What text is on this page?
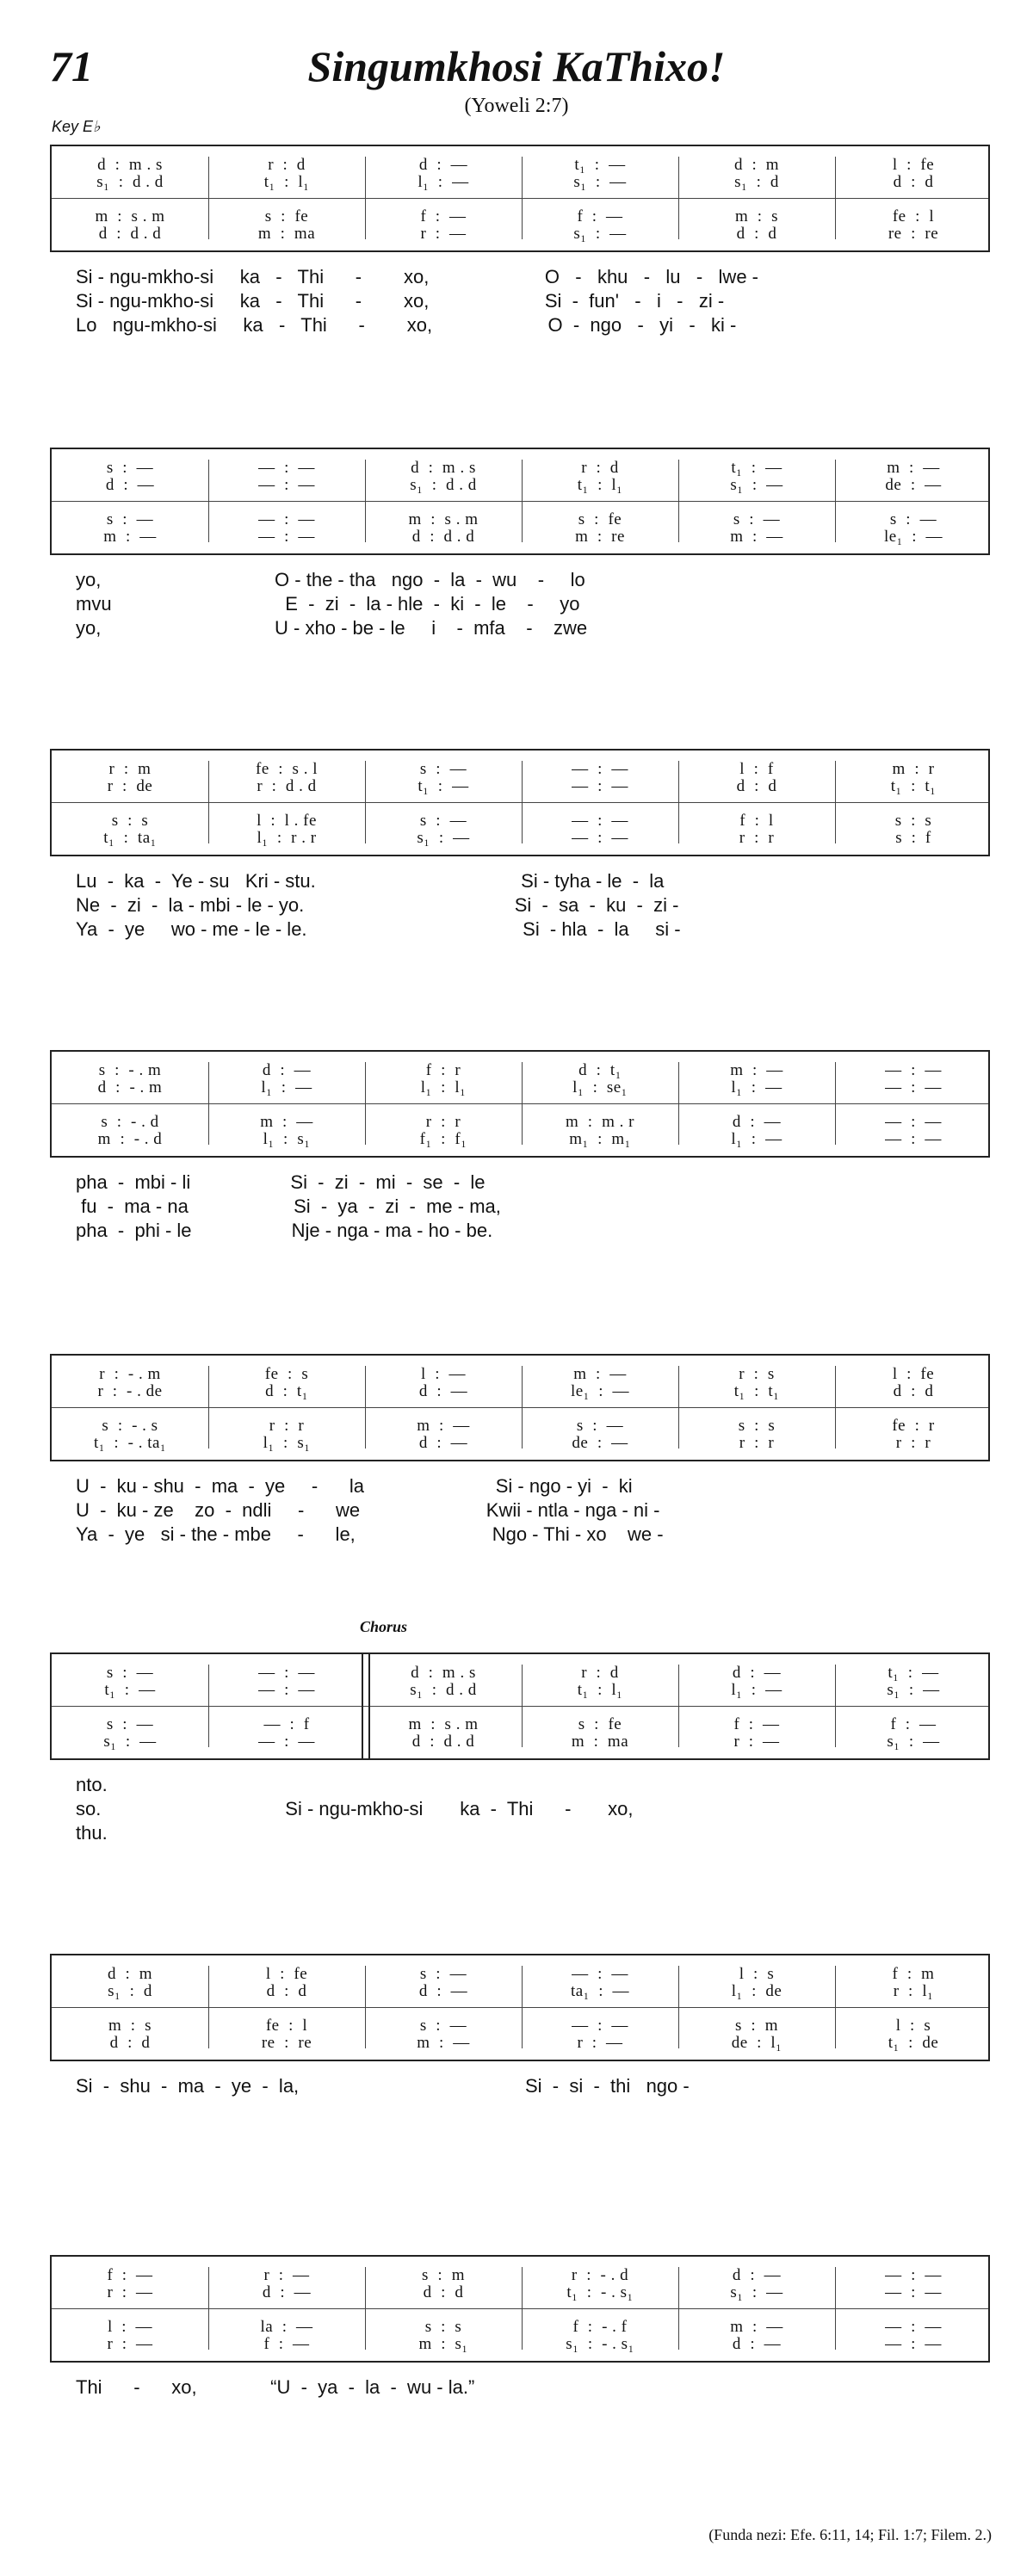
71	Singumkhosi KaThixo!
(Yoweli 2:7)
Key E♭
Chorus
d  :  m . s
s₁  :  d . d
m  :  s . m
d  :  d . d
r  :  d
t₁  :  l₁
s  :  fe
m  :  ma
d  :  —
l₁  :  —
f  :  —
r  :  —
t₁  :  —
s₁  :  —
f  :  —
s₁  :  —
d  :  m
s₁  :  d
m  :  s
d  :  d
l  :  fe
d  :  d
fe  :  l
re  :  re
Si - ngu-mkho-si     ka   -   Thi      -        xo,                      O   -   khu   -   lu   -   lwe -
Si - ngu-mkho-si     ka   -   Thi      -        xo,                      Si  -  fun'   -   i   -   zi -
Lo   ngu-mkho-si     ka   -   Thi      -        xo,                      O  -  ngo   -   yi   -   ki -
s  :  —
d  :  —
s  :  —
m  :  —
—  :  —
—  :  —
—  :  —
—  :  —
d  :  m . s
s₁  :  d . d
m  :  s . m
d  :  d . d
r  :  d
t₁  :  l₁
s  :  fe
m  :  re
t₁  :  —
s₁  :  —
s  :  —
m  :  —
m  :  —
de  :  —
s  :  —
le₁  :  —
yo,                                 O - the - tha   ngo  -  la  -  wu    -     lo
mvu                                 E  -  zi  -  la - hle  -  ki  -  le    -     yo
yo,                                 U - xho - be - le     i    -  mfa    -    zwe
r  :  m
r  :  de
s  :  s
t₁  :  ta₁
fe  :  s . l
r  :  d . d
l  :  l . fe
l₁  :  r . r
s  :  —
t₁  :  —
s  :  —
s₁  :  —
—  :  —
—  :  —
—  :  —
—  :  —
l  :  f
d  :  d
f  :  l
r  :  r
m  :  r
t₁  :  t₁
s  :  s
s  :  f
Lu  -  ka  -  Ye - su   Kri - stu.                                       Si - tyha - le  -  la
Ne  -  zi  -  la - mbi - le - yo.                                        Si  -  sa  -  ku  -  zi -
Ya  -  ye     wo - me - le - le.                                         Si  - hla  -  la     si -
s  :  - . m
d  :  - . m
s  :  - . d
m  :  - . d
d  :  —
l₁  :  —
m  :  —
l₁  :  s₁
f  :  r
l₁  :  l₁
r  :  r
f₁  :  f₁
d  :  t₁
l₁  :  se₁
m  :  m . r
m₁  :  m₁
m  :  —
l₁  :  —
d  :  —
l₁  :  —
—  :  —
—  :  —
—  :  —
—  :  —
pha  -  mbi - li                   Si  -  zi  -  mi  -  se  -  le
fu  -  ma - na                    Si  -  ya  -  zi  -  me - ma,
pha  -  phi - le                   Nje - nga - ma - ho - be.
r  :  - . m
r  :  - . de
s  :  - . s
t₁  :  - . ta₁
fe  :  s
d  :  t₁
r  :  r
l₁  :  s₁
l  :  —
d  :  —
m  :  —
d  :  —
m  :  —
le₁  :  —
s  :  —
de  :  —
r  :  s
t₁  :  t₁
s  :  s
r  :  r
l  :  fe
d  :  d
fe  :  r
r  :  r
U  -  ku - shu  -  ma  -  ye     -      la                         Si - ngo - yi  -  ki
U  -  ku - ze    zo  -  ndli     -      we                        Kwii - ntla - nga - ni -
Ya  -  ye   si - the - mbe     -      le,                          Ngo - Thi - xo    we -
s  :  —
t₁  :  —
s  :  —
s₁  :  —
—  :  —
—  :  —
—  :  f
—  :  —
d  :  m . s
s₁  :  d . d
m  :  s . m
d  :  d . d
r  :  d
t₁  :  l₁
s  :  fe
m  :  ma
d  :  —
l₁  :  —
f  :  —
r  :  —
t₁  :  —
s₁  :  —
f  :  —
s₁  :  —
nto.
so.                                   Si - ngu-mkho-si       ka  -  Thi      -       xo,
thu.
d  :  m
s₁  :  d
m  :  s
d  :  d
l  :  fe
d  :  d
fe  :  l
re  :  re
s  :  —
d  :  —
s  :  —
m  :  —
—  :  —
ta₁  :  —
—  :  —
r  :  —
l  :  s
l₁  :  de
s  :  m
de  :  l₁
f  :  m
r  :  l₁
l  :  s
t₁  :  de
Si  -  shu  -  ma  -  ye  -  la,                                           Si  -  si  -  thi   ngo -
f  :  —
r  :  —
l  :  —
r  :  —
r  :  —
d  :  —
la  :  —
f  :  —
s  :  m
d  :  d
s  :  s
m  :  s₁
r  :  - . d
t₁  :  - . s₁
f  :  - . f
s₁  :  - . s₁
d  :  —
s₁  :  —
m  :  —
d  :  —
—  :  —
—  :  —
—  :  —
—  :  —
Thi      -      xo,              “U  -  ya  -  la  -  wu - la.”
(Funda nezi: Efe. 6:11, 14; Fil. 1:7; Filem. 2.)
